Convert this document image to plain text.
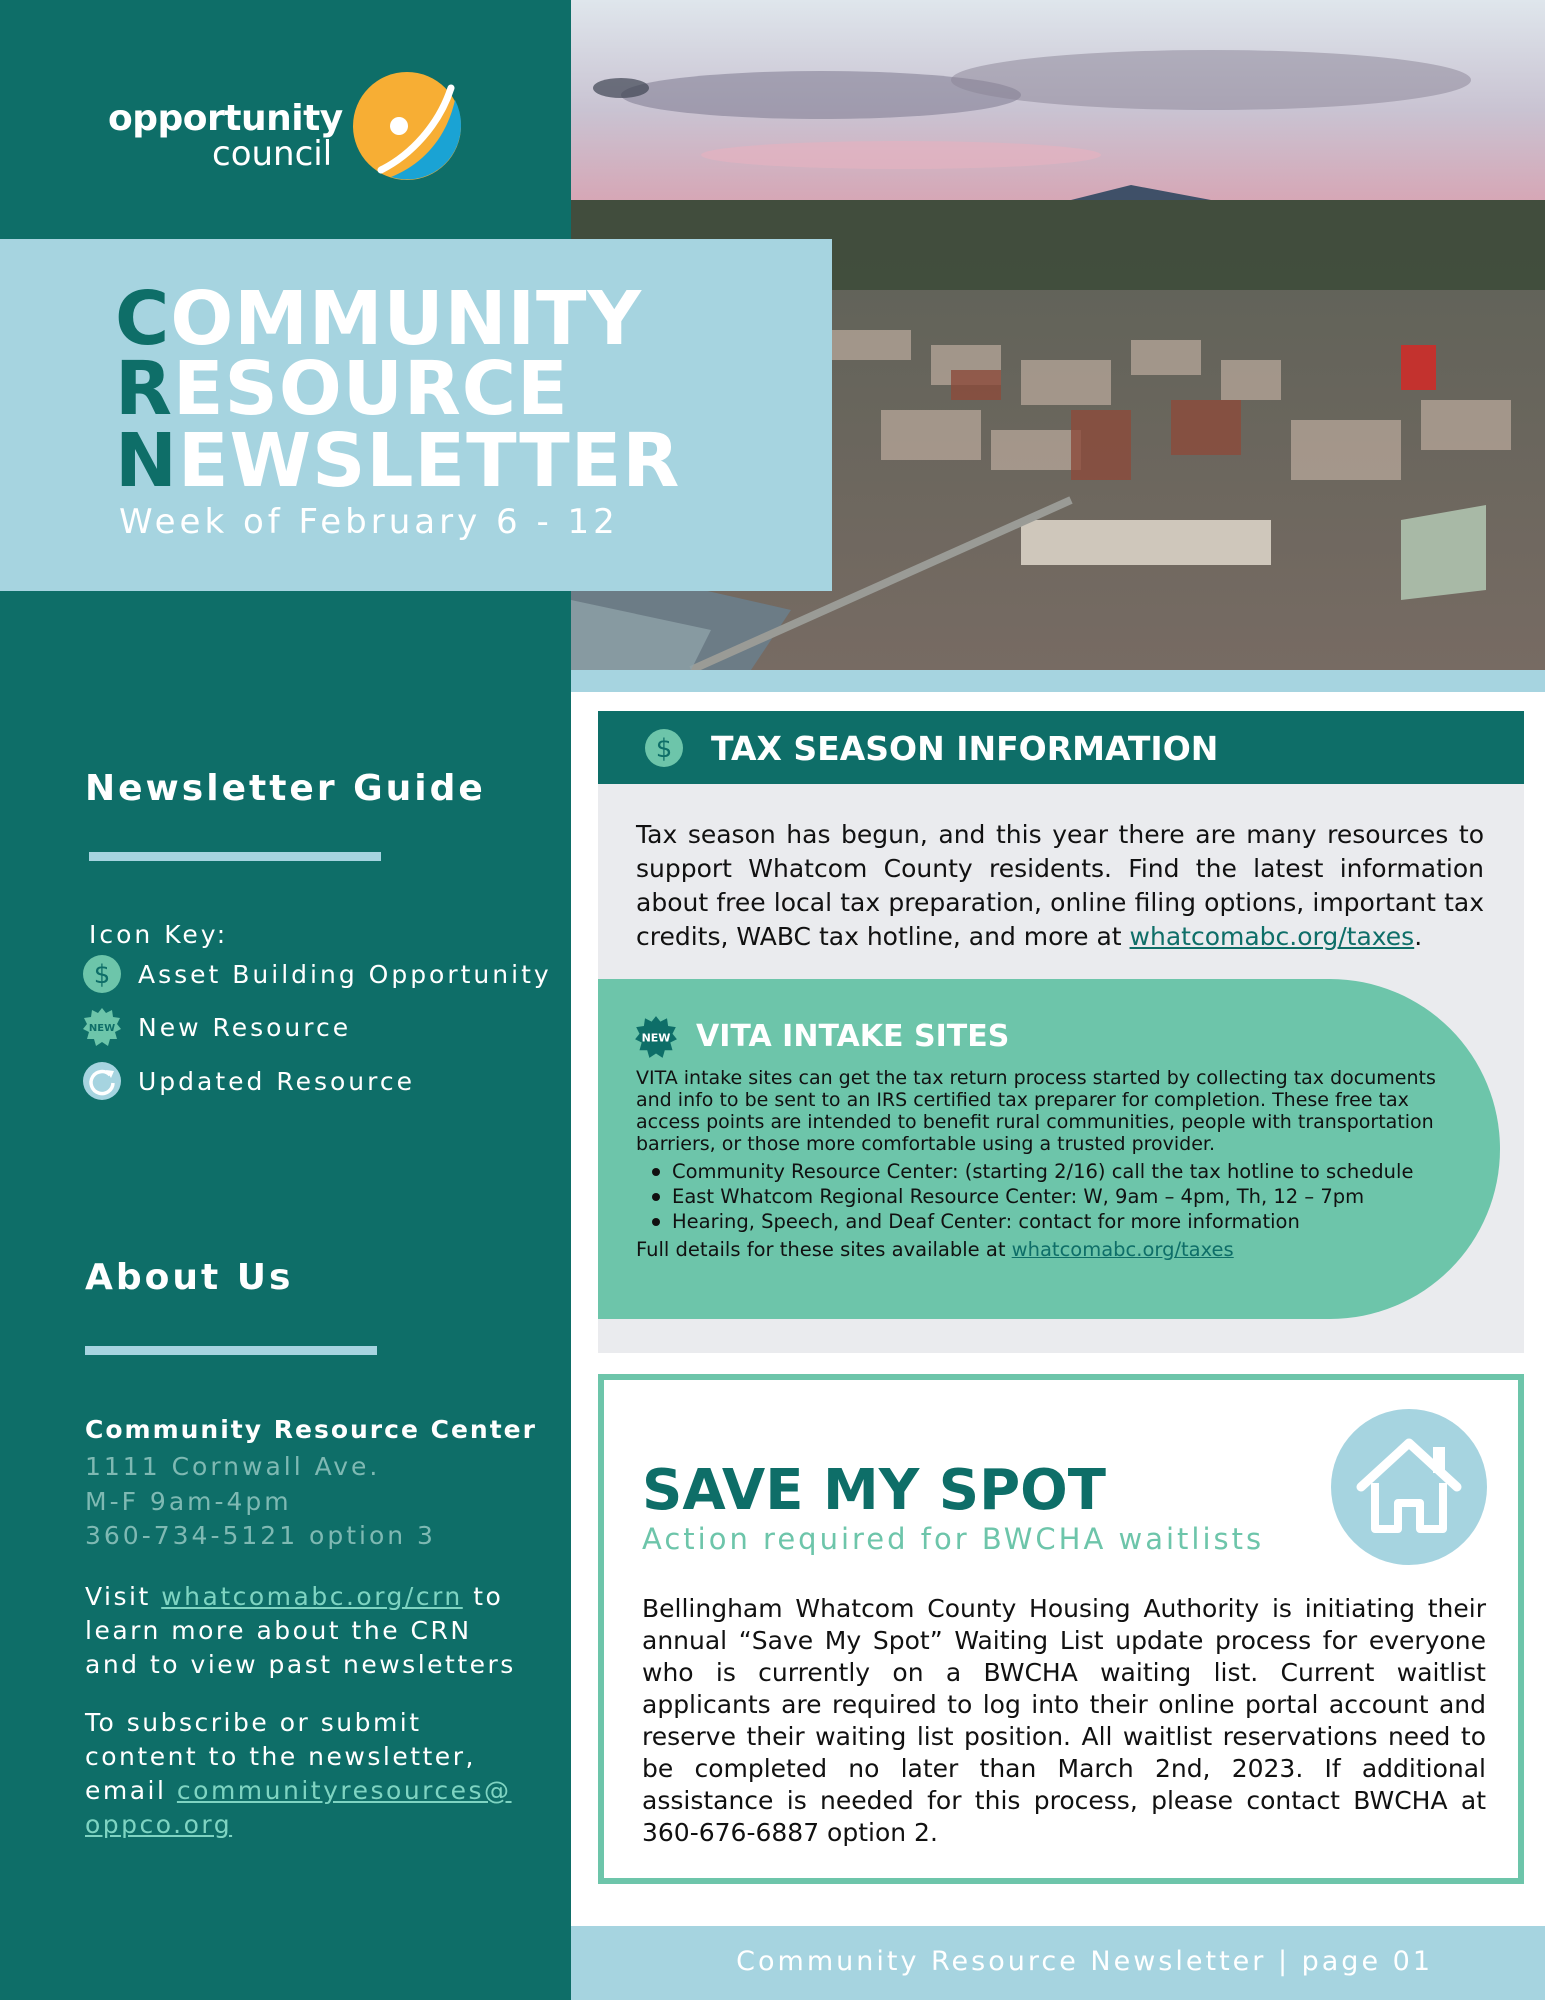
opportunity
council
Newsletter Guide
Icon Key:
$ Asset Building Opportunity
NEW New Resource
Updated Resource
About Us
Community Resource Center
1111 Cornwall Ave.
M-F 9am-4pm
360-734-5121 option 3
Visit whatcomabc.org/crn to learn more about the CRN and to view past newsletters
To subscribe or submit content to the newsletter, email communityresources@ oppco.org
COMMUNITY
RESOURCE
NEWSLETTER
Week of February 6 - 12
$ TAX SEASON INFORMATION
Tax season has begun, and this year there are many resources to support Whatcom County residents. Find the latest information about free local tax preparation, online filing options, important tax credits, WABC tax hotline, and more at whatcomabc.org/taxes.
NEW VITA INTAKE SITES
VITA intake sites can get the tax return process started by collecting tax documents and info to be sent to an IRS certified tax preparer for completion. These free tax access points are intended to benefit rural communities, people with transportation barriers, or those more comfortable using a trusted provider.
Community Resource Center: (starting 2/16) call the tax hotline to schedule
East Whatcom Regional Resource Center: W, 9am – 4pm, Th, 12 – 7pm
Hearing, Speech, and Deaf Center: contact for more information
Full details for these sites available at whatcomabc.org/taxes
SAVE MY SPOT
Action required for BWCHA waitlists
Bellingham Whatcom County Housing Authority is initiating their annual “Save My Spot” Waiting List update process for everyone who is currently on a BWCHA waiting list. Current waitlist applicants are required to log into their online portal account and reserve their waiting list position. All waitlist reservations need to be completed no later than March 2nd, 2023. If additional assistance is needed for this process, please contact BWCHA at 360-676-6887 option 2.
Community Resource Newsletter | page 01
